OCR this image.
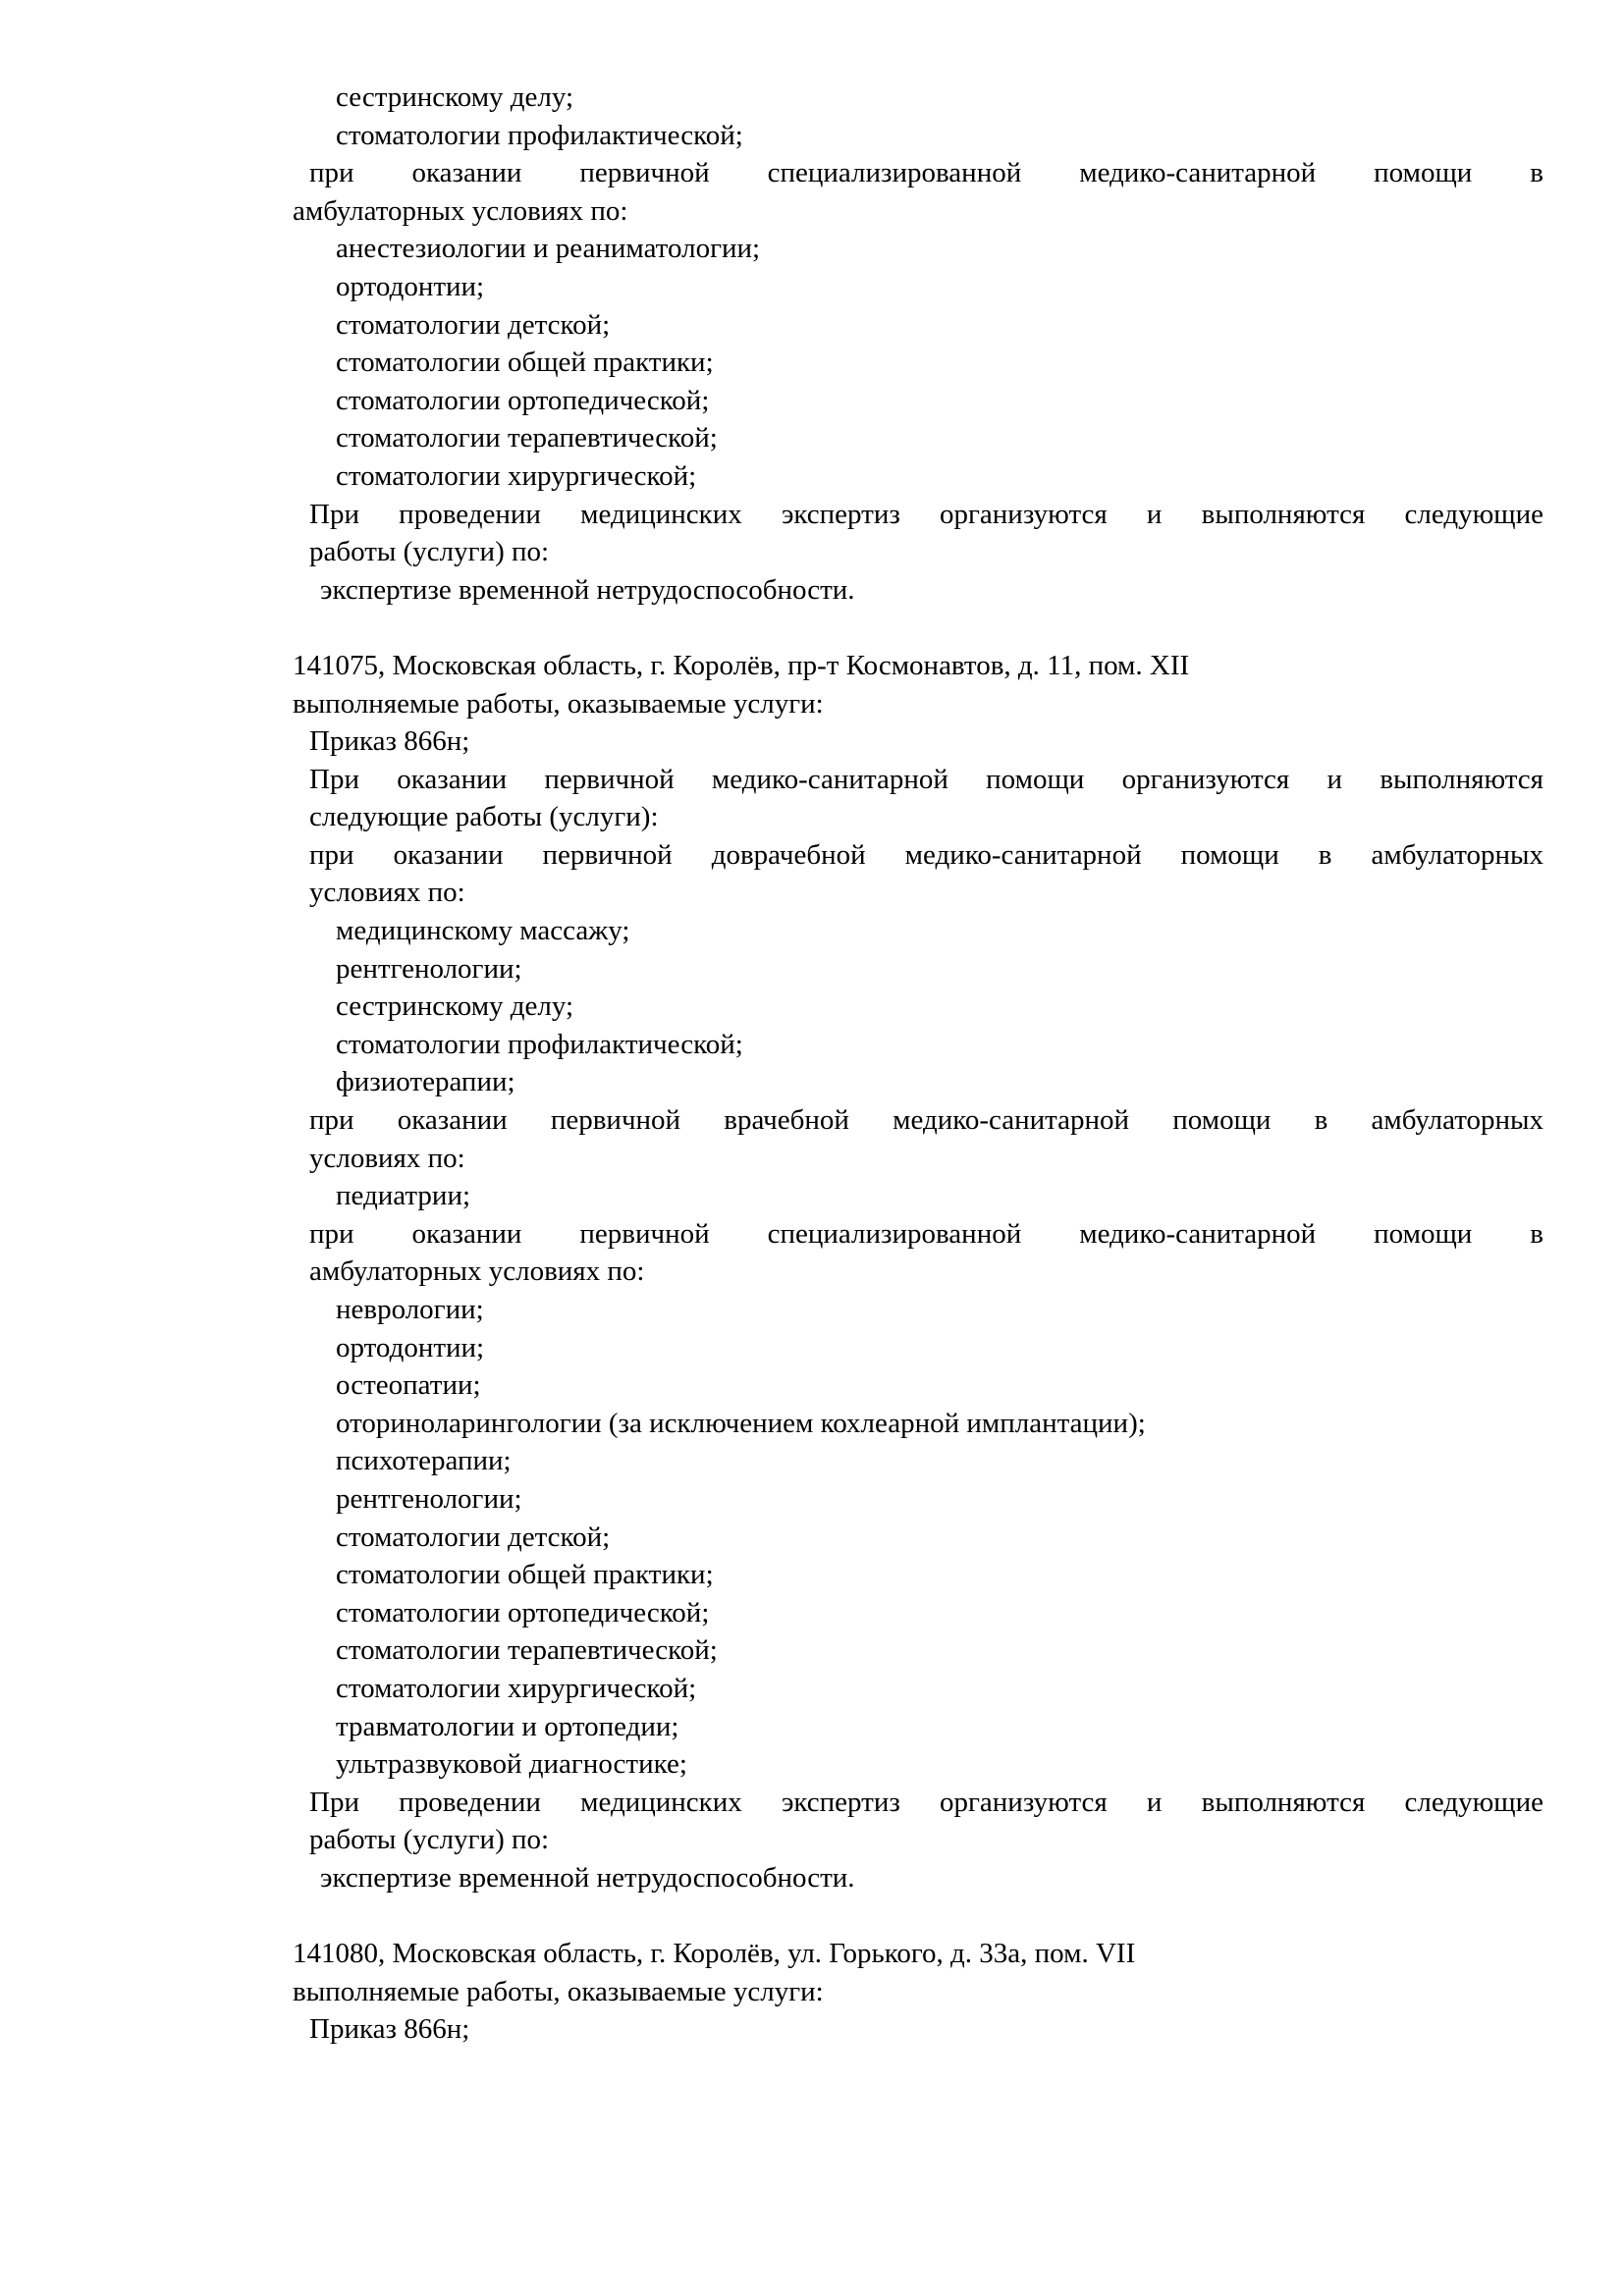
сестринскому делу;
стоматологии профилактической;
при оказании первичной специализированной медико-санитарной помощи в
амбулаторных условиях по:
анестезиологии и реаниматологии;
ортодонтии;
стоматологии детской;
стоматологии общей практики;
стоматологии ортопедической;
стоматологии терапевтической;
стоматологии хирургической;
При проведении медицинских экспертиз организуются и выполняются следующие
работы (услуги) по:
экспертизе временной нетрудоспособности.

141075, Московская область, г. Королёв, пр-т Космонавтов, д. 11, пом. XII
выполняемые работы, оказываемые услуги:
Приказ 866н;
При оказании первичной медико-санитарной помощи организуются и выполняются
следующие работы (услуги):
при оказании первичной доврачебной медико-санитарной помощи в амбулаторных
условиях по:
медицинскому массажу;
рентгенологии;
сестринскому делу;
стоматологии профилактической;
физиотерапии;
при оказании первичной врачебной медико-санитарной помощи в амбулаторных
условиях по:
педиатрии;
при оказании первичной специализированной медико-санитарной помощи в
амбулаторных условиях по:
неврологии;
ортодонтии;
остеопатии;
оториноларингологии (за исключением кохлеарной имплантации);
психотерапии;
рентгенологии;
стоматологии детской;
стоматологии общей практики;
стоматологии ортопедической;
стоматологии терапевтической;
стоматологии хирургической;
травматологии и ортопедии;
ультразвуковой диагностике;
При проведении медицинских экспертиз организуются и выполняются следующие
работы (услуги) по:
экспертизе временной нетрудоспособности.

141080, Московская область, г. Королёв, ул. Горького, д. 33а, пом. VII
выполняемые работы, оказываемые услуги:
Приказ 866н;
